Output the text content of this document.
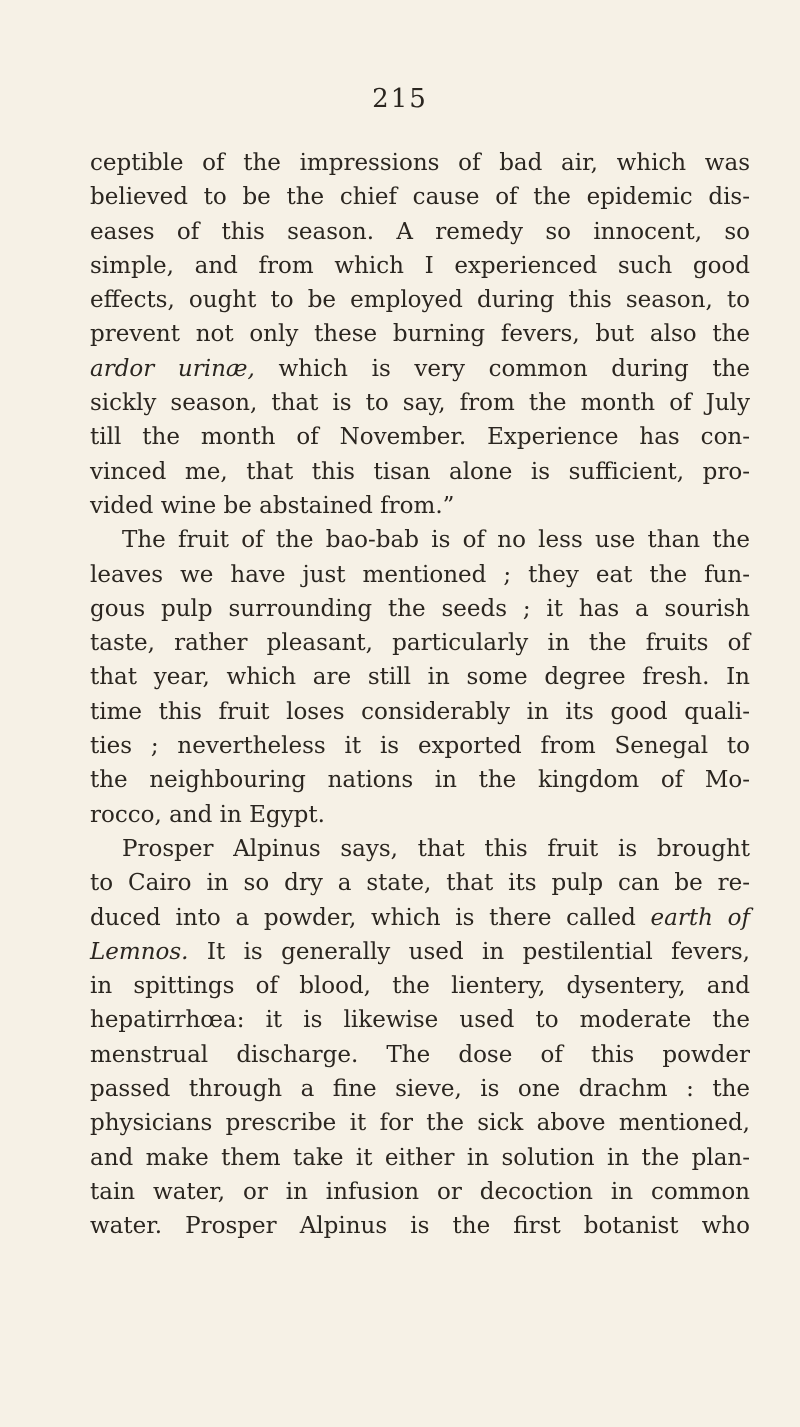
215
ceptible of the impressions of bad air, which was
believed to be the chief cause of the epidemic dis-
eases of this season. A remedy so innocent, so
simple, and from which I experienced such good
effects, ought to be employed during this season, to
prevent not only these burning fevers, but also the
ardor urinæ, which is very common during the
sickly season, that is to say, from the month of July
till the month of November. Experience has con-
vinced me, that this tisan alone is sufficient, pro-
vided wine be abstained from.”
The fruit of the bao-bab is of no less use than the
leaves we have just mentioned ; they eat the fun-
gous pulp surrounding the seeds ; it has a sourish
taste, rather pleasant, particularly in the fruits of
that year, which are still in some degree fresh. In
time this fruit loses considerably in its good quali-
ties ; nevertheless it is exported from Senegal to
the neighbouring nations in the kingdom of Mo-
rocco, and in Egypt.
Prosper Alpinus says, that this fruit is brought
to Cairo in so dry a state, that its pulp can be re-
duced into a powder, which is there called earth of
Lemnos. It is generally used in pestilential fevers,
in spittings of blood, the lientery, dysentery, and
hepatirrhœa: it is likewise used to moderate the
menstrual discharge. The dose of this powder
passed through a fine sieve, is one drachm : the
physicians prescribe it for the sick above mentioned,
and make them take it either in solution in the plan-
tain water, or in infusion or decoction in common
water. Prosper Alpinus is the first botanist who
